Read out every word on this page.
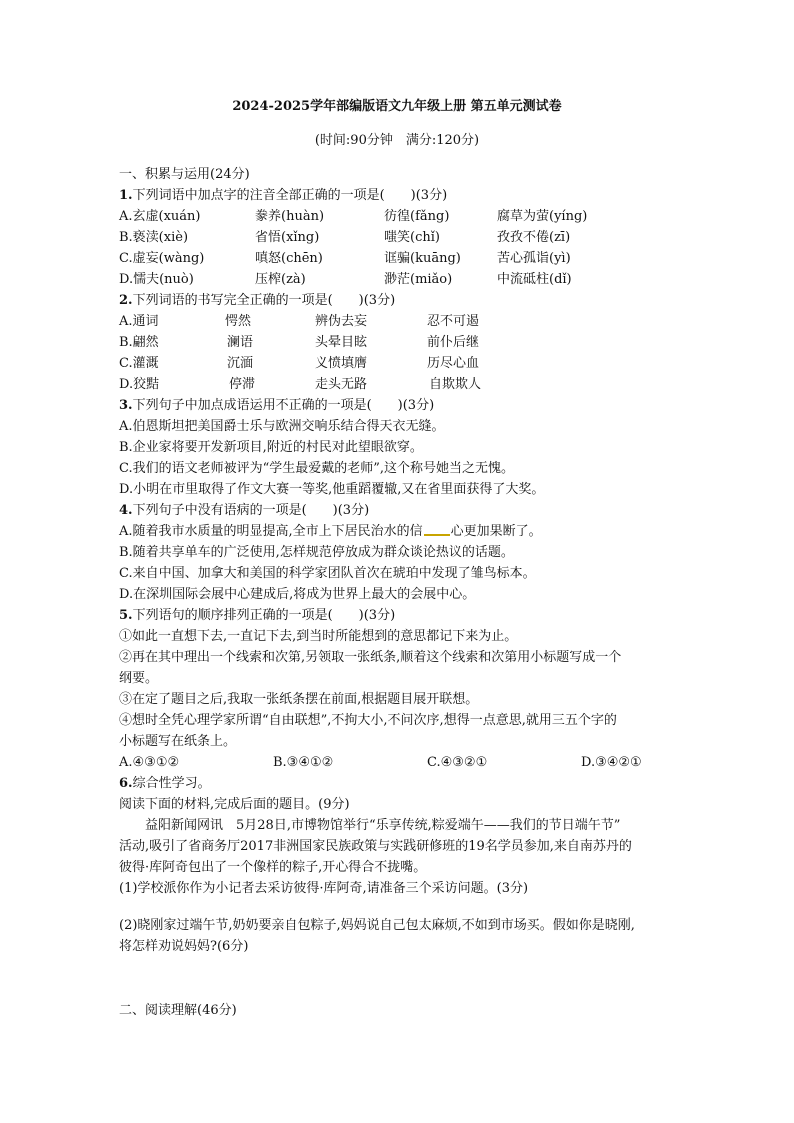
2024-2025学年部编版语文九年级上册 第五单元测试卷
(时间:90分钟　满分:120分)
一、积累与运用(24分)
1.下列词语中加点字的注音全部正确的一项是(　　)(3分)
A.玄虚(xuán)	豢养(huàn)	彷徨(fǎng)	腐草为萤(yíng)
B.亵渎(xiè)	省悟(xǐng)	嗤笑(chǐ)	孜孜不倦(zī)
C.虚妄(wàng)	嗔怒(chēn)	诓骗(kuāng)	苦心孤诣(yì)
D.懦夫(nuò)	压榨(zà)	渺茫(miǎo)	中流砥柱(dǐ)
2.下列词语的书写完全正确的一项是(　　)(3分)
A.通词	愕然	辨伪去妄	忍不可遏
B.翩然	澜语	头晕目眩	前仆后继
C.灌溉	沉湎	义愤填膺	历尽心血
D.狡黠	停滞	走头无路	自欺欺人
3.下列句子中加点成语运用不正确的一项是(　　)(3分)
A.伯恩斯坦把美国爵士乐与欧洲交响乐结合得天衣无缝。
B.企业家将要开发新项目,附近的村民对此望眼欲穿。
C.我们的语文老师被评为“学生最爱戴的老师”,这个称号她当之无愧。
D.小明在市里取得了作文大赛一等奖,他重蹈覆辙,又在省里面获得了大奖。
4.下列句子中没有语病的一项是(　　)(3分)
A.随着我市水质量的明显提高,全市上下居民治水的信 心更加果断了。
B.随着共享单车的广泛使用,怎样规范停放成为群众谈论热议的话题。
C.来自中国、加拿大和美国的科学家团队首次在琥珀中发现了雏鸟标本。
D.在深圳国际会展中心建成后,将成为世界上最大的会展中心。
5.下列语句的顺序排列正确的一项是(　　)(3分)
①如此一直想下去,一直记下去,到当时所能想到的意思都记下来为止。
②再在其中理出一个线索和次第,另领取一张纸条,顺着这个线索和次第用小标题写成一个
纲要。
③在定了题目之后,我取一张纸条摆在前面,根据题目展开联想。
④想时全凭心理学家所谓“自由联想”,不拘大小,不问次序,想得一点意思,就用三五个字的
小标题写在纸条上。
A.④③①②	B.③④①②	C.④③②①	D.③④②①
6.综合性学习。
阅读下面的材料,完成后面的题目。(9分)
益阳新闻网讯　5月28日,市博物馆举行“乐享传统,粽爱端午——我们的节日端午节”
活动,吸引了省商务厅2017非洲国家民族政策与实践研修班的19名学员参加,来自南苏丹的
彼得·库阿奇包出了一个像样的粽子,开心得合不拢嘴。
(1)学校派你作为小记者去采访彼得·库阿奇,请准备三个采访问题。(3分)
(2)晓刚家过端午节,奶奶要亲自包粽子,妈妈说自己包太麻烦,不如到市场买。假如你是晓刚,
将怎样劝说妈妈?(6分)
二、阅读理解(46分)
